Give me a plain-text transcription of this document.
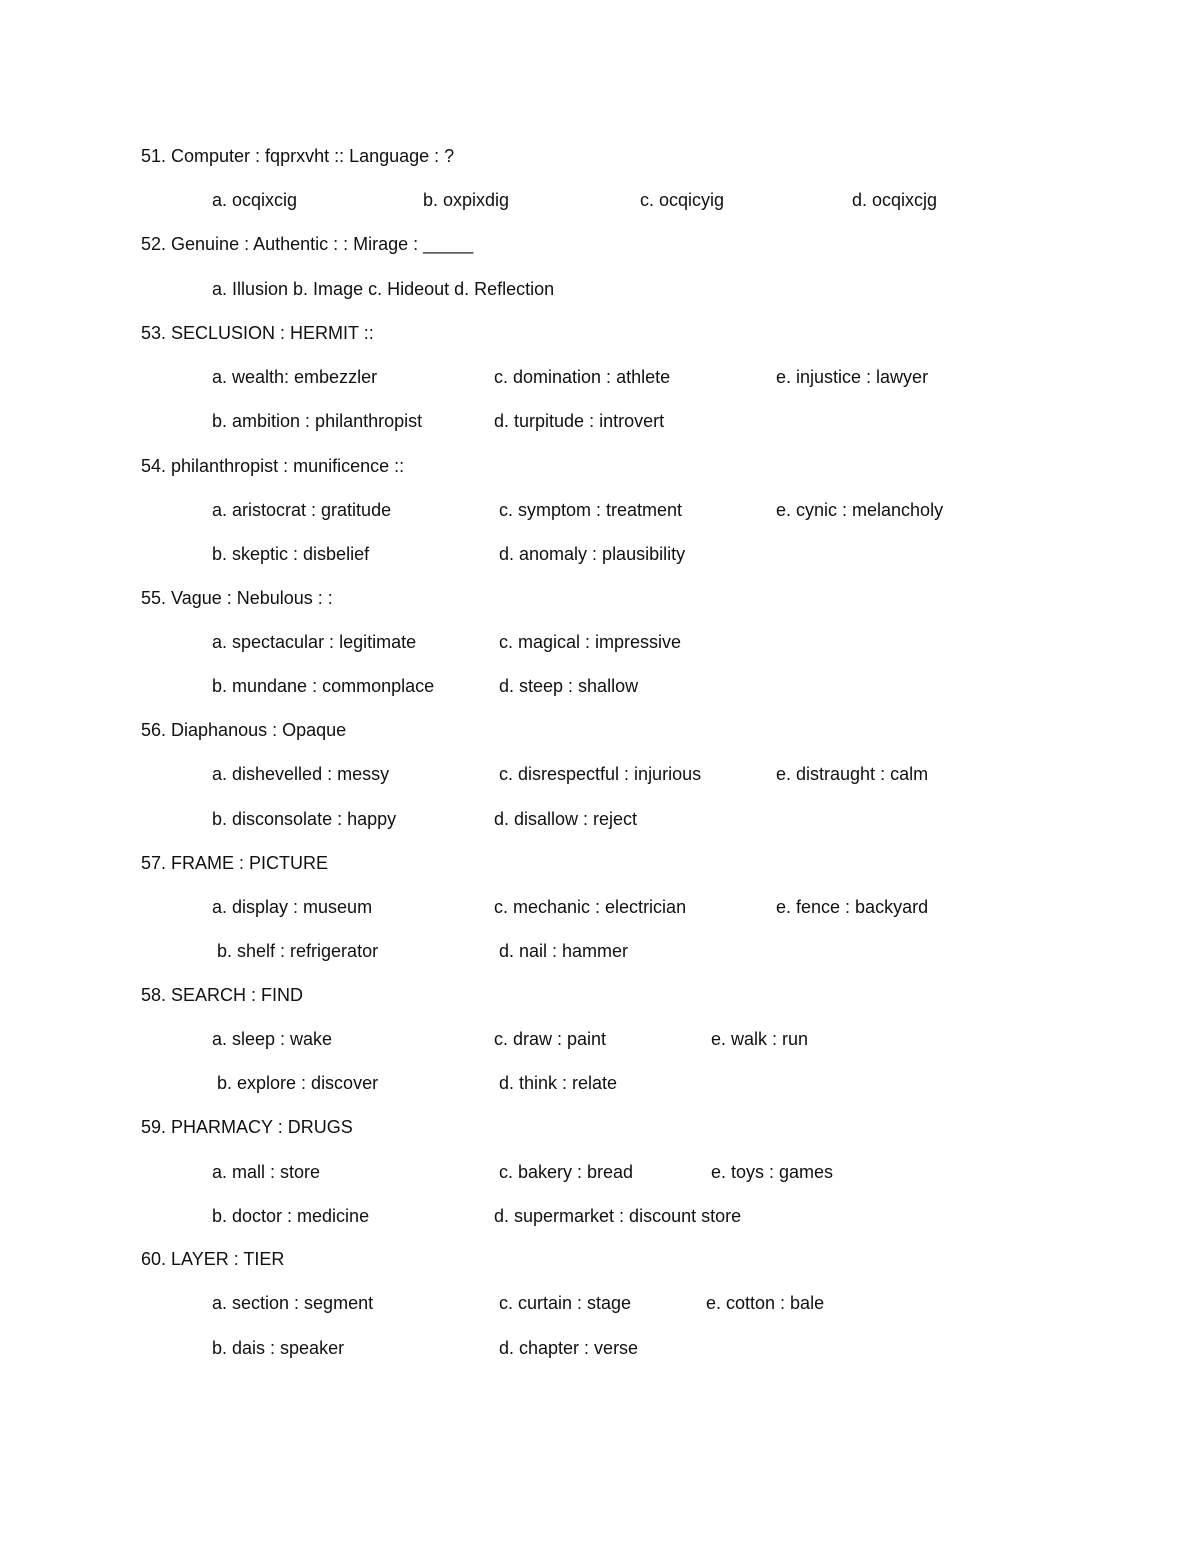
51. Computer : fqprxvht :: Language : ?
a. ocqixcig	b. oxpixdig	c. ocqicyig	d. ocqixcjg
52. Genuine : Authentic : : Mirage : _____
a. Illusion b. Image c. Hideout d. Reflection
53. SECLUSION : HERMIT ::
a. wealth: embezzler	c. domination : athlete	e. injustice : lawyer
b. ambition : philanthropist	d. turpitude : introvert
54. philanthropist : munificence ::
a. aristocrat : gratitude	c. symptom : treatment	e. cynic : melancholy
b. skeptic : disbelief	d. anomaly : plausibility
55. Vague : Nebulous : :
a. spectacular : legitimate	c. magical : impressive
b. mundane : commonplace	d. steep : shallow
56. Diaphanous : Opaque
a. dishevelled : messy	c. disrespectful : injurious	e. distraught : calm
b. disconsolate : happy	d. disallow : reject
57. FRAME : PICTURE
a. display : museum	c. mechanic : electrician	e. fence : backyard
b. shelf : refrigerator	d. nail : hammer
58. SEARCH : FIND
a. sleep : wake	c. draw : paint	e. walk : run
b. explore : discover	d. think : relate
59. PHARMACY : DRUGS
a. mall : store	c. bakery : bread	e. toys : games
b. doctor : medicine	d. supermarket : discount store
60. LAYER : TIER
a. section : segment	c. curtain : stage	e. cotton : bale
b. dais : speaker	d. chapter : verse
